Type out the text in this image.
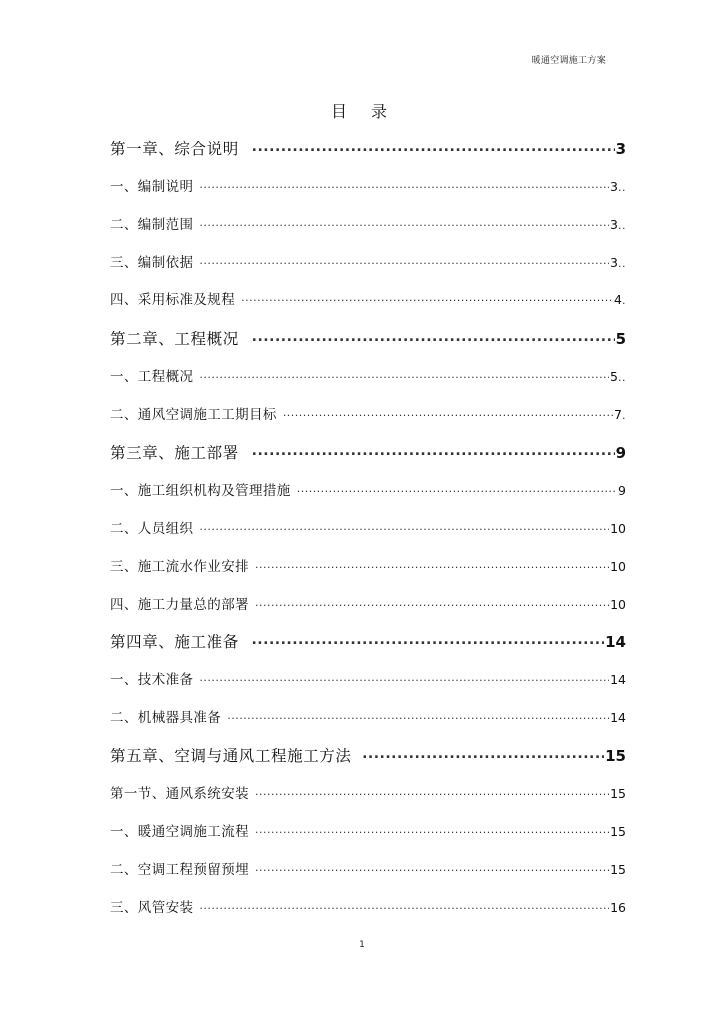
暖通空调施工方案
目 录
第一章、综合说明 .....	3
一、编制说明 .....	3 ..
二、编制范围 .....	3 ..
三、编制依据 .....	3 ..
四、采用标准及规程 .....	4 .
第二章、工程概况 .....	5
一、工程概况 .....	5 ..
二、通风空调施工工期目标 .....	7 .
第三章、施工部署 .....	9
一、施工组织机构及管理措施 .....	9
二、人员组织 .....	10
三、施工流水作业安排 .....	10
四、施工力量总的部署 .....	10
第四章、施工准备 .....	14
一、技术准备 .....	14
二、机械器具准备 .....	14
第五章、空调与通风工程施工方法 .....	15
第一节、通风系统安装 .....	15
一、暖通空调施工流程 .....	15
二、空调工程预留预埋 .....	15
三、风管安装 .....	16
1
